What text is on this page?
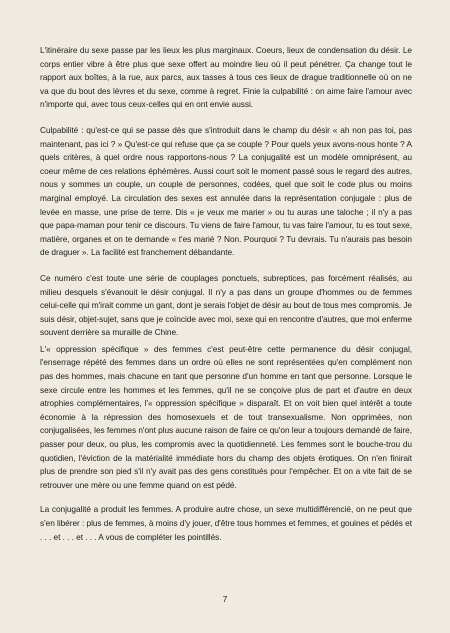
L'itinéraire du sexe passe par les lieux les plus marginaux. Coeurs, lieux de condensation du désir. Le corps entier vibre à être plus que sexe offert au moindre lieu où il peut pénétrer. Ça change tout le rapport aux boîtes, à la rue, aux parcs, aux tasses à tous ces lieux de drague traditionnelle où on ne va que du bout des lèvres et du sexe, comme à regret. Finie la culpabilité : on aime faire l'amour avec n'importe qui, avec tous ceux-celles qui en ont envie aussi.

Culpabilité : qu'est-ce qui se passe dès que s'introduit dans le champ du désir « ah non pas toi, pas maintenant, pas ici ? » Qu'est-ce qui refuse que ça se couple ? Pour quels yeux avons-nous honte ? A quels critères, à quel ordre nous rapportons-nous ? La conjugalité est un modèle omniprésent, au coeur même de ces relations éphémères. Aussi court soit le moment passé sous le regard des autres, nous y sommes un couple, un couple de personnes, codées, quel que soit le code plus ou moins marginal employé. La circulation des sexes est annulée dans la représentation conjugale : plus de levée en masse, une prise de terre. Dis « je veux me marier » ou tu auras une taloche ; il n'y a pas que papa-maman pour tenir ce discours. Tu viens de faire l'amour, tu vas faire l'amour, tu es tout sexe, matière, organes et on te demande « t'es marié ? Non. Pourquoi ? Tu devrais. Tu n'aurais pas besoin de draguer ». La facilité est franchement débandante.

Ce numéro c'est toute une série de couplages ponctuels, subreptices, pas forcément réalisés, au milieu desquels s'évanouit le désir conjugal. Il n'y a pas dans un groupe d'hommes ou de femmes celui-celle qui m'irait comme un gant, dont je serais l'objet de désir au bout de tous mes compromis. Je suis désir, objet-sujet, sans que je coïncide avec moi, sexe qui en rencontre d'autres, que moi enferme souvent derrière sa muraille de Chine.

L'« oppression spécifique » des femmes c'est peut-être cette permanence du désir conjugal, l'enserrage répété des femmes dans un ordre où elles ne sont représentées qu'en complément non pas des hommes, mais chacune en tant que personne d'un homme en tant que personne. Lorsque le sexe circule entre les hommes et les femmes, qu'il ne se conçoive plus de part et d'autre en deux atrophies complémentaires, l'« oppression spécifique » disparaît. Et on voit bien quel intérêt a toute économie à la répression des homosexuels et de tout transexualisme. Non opprimées, non conjugalisées, les femmes n'ont plus aucune raison de faire ce qu'on leur a toujours demandé de faire, passer pour deux, ou plus, les compromis avec la quotidienneté. Les femmes sont le bouche-trou du quotidien, l'éviction de la matérialité immédiate hors du champ des objets érotiques. On n'en finirait plus de prendre son pied s'il n'y avait pas des gens constitués pour l'empêcher. Et on a vite fait de se retrouver une mère ou une femme quand on est pédé.

La conjugalité a produit les femmes. A produire autre chose, un sexe multidifférencié, on ne peut que s'en libérer : plus de femmes, à moins d'y jouer, d'être tous hommes et femmes, et gouines et pédés et . . . et . . . et . . . A vous de compléter les pointillés.

7
